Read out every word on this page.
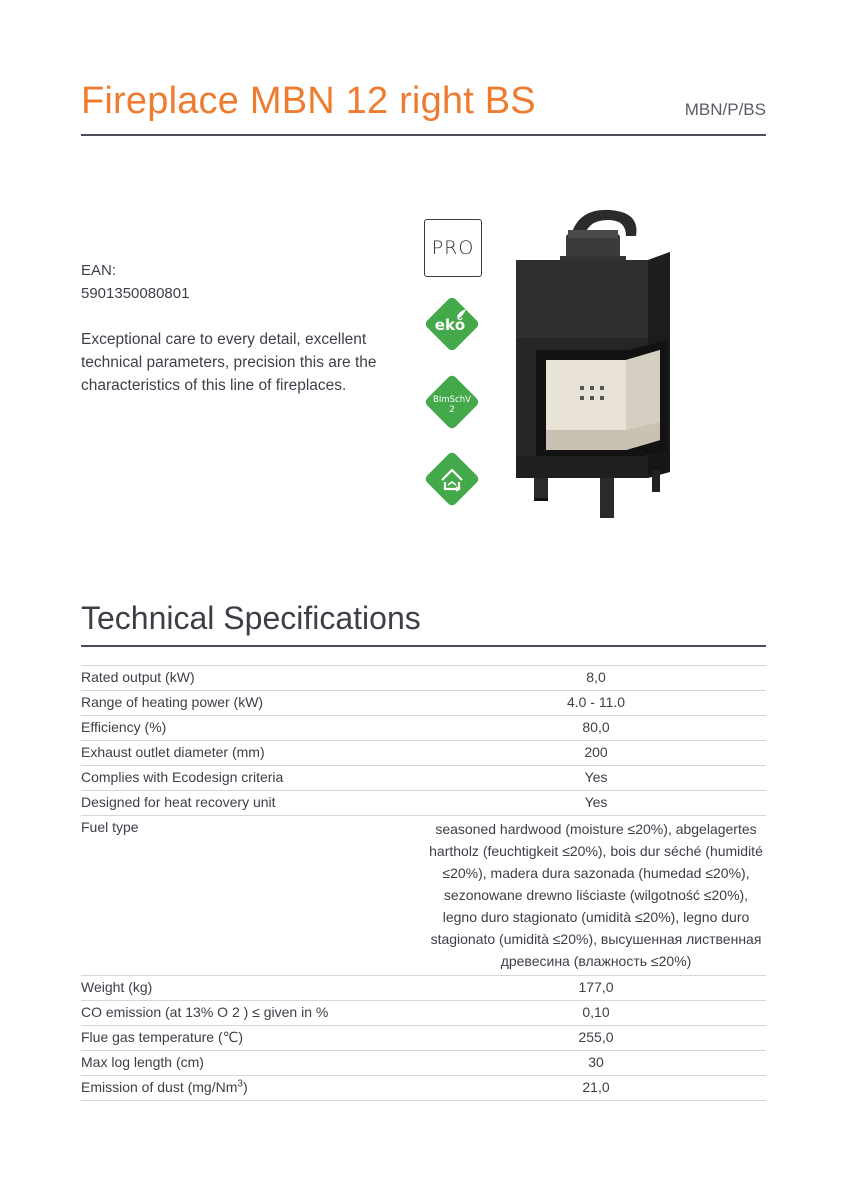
Fireplace MBN 12 right BS	MBN/P/BS
EAN:
5901350080801
Exceptional care to every detail, excellent technical parameters, precision this are the characteristics of this line of fireplaces.
PRO
ekŏ
BImSchV
2
Technical Specifications
Rated output (kW)	8,0
Range of heating power (kW)	4.0 - 11.0
Efficiency (%)	80,0
Exhaust outlet diameter (mm)	200
Complies with Ecodesign criteria	Yes
Designed for heat recovery unit	Yes
Fuel type	seasoned hardwood (moisture ≤20%), abgelagertes hartholz (feuchtigkeit ≤20%), bois dur séché (humidité ≤20%), madera dura sazonada (humedad ≤20%), sezonowane drewno liściaste (wilgotność ≤20%), legno duro stagionato (umidità ≤20%), legno duro stagionato (umidità ≤20%), высушенная лиственная древесина (влажность ≤20%)
Weight (kg)	177,0
CO emission (at 13% O 2 ) ≤ given in %	0,10
Flue gas temperature (℃)	255,0
Max log length (cm)	30
Emission of dust (mg/Nm$^3$)	21,0
